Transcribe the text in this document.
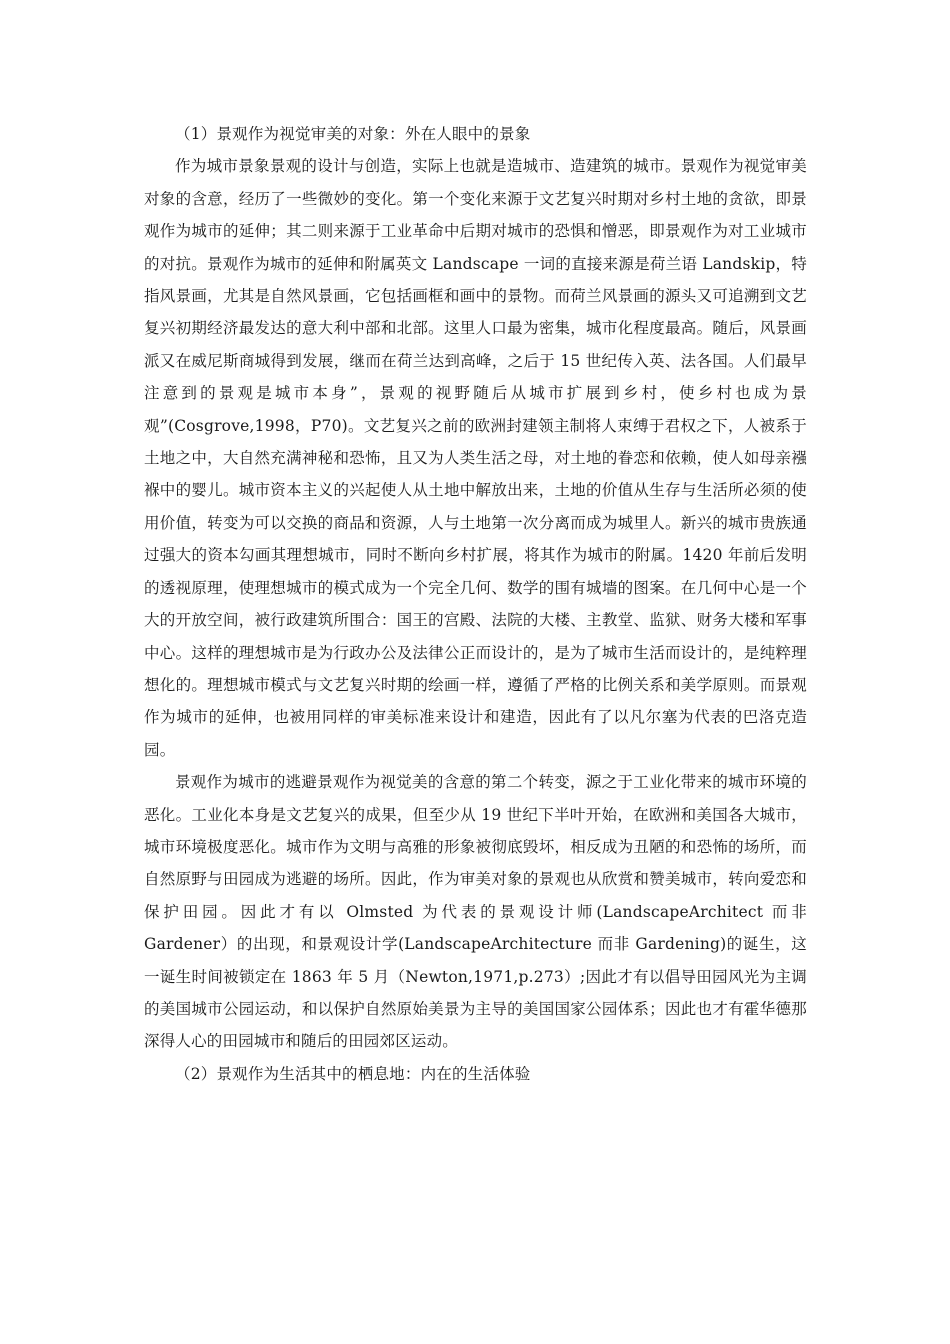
（1）景观作为视觉审美的对象：外在人眼中的景象

作为城市景象景观的设计与创造，实际上也就是造城市、造建筑的城市。景观作为视觉审美对象的含意，经历了一些微妙的变化。第一个变化来源于文艺复兴时期对乡村土地的贪欲，即景观作为城市的延伸；其二则来源于工业革命中后期对城市的恐惧和憎恶，即景观作为对工业城市的对抗。景观作为城市的延伸和附属英文 Landscape 一词的直接来源是荷兰语 Landskip，特指风景画，尤其是自然风景画，它包括画框和画中的景物。而荷兰风景画的源头又可追溯到文艺复兴初期经济最发达的意大利中部和北部。这里人口最为密集，城市化程度最高。随后，风景画派又在威尼斯商城得到发展，继而在荷兰达到高峰，之后于 15 世纪传入英、法各国。人们最早注意到的景观是城市本身”，景观的视野随后从城市扩展到乡村，使乡村也成为景观”(Cosgrove,1998，P70)。文艺复兴之前的欧洲封建领主制将人束缚于君权之下，人被系于土地之中，大自然充满神秘和恐怖，且又为人类生活之母，对土地的眷恋和依赖，使人如母亲襁褓中的婴儿。城市资本主义的兴起使人从土地中解放出来，土地的价值从生存与生活所必须的使用价值，转变为可以交换的商品和资源，人与土地第一次分离而成为城里人。新兴的城市贵族通过强大的资本勾画其理想城市，同时不断向乡村扩展，将其作为城市的附属。1420 年前后发明的透视原理，使理想城市的模式成为一个完全几何、数学的围有城墙的图案。在几何中心是一个大的开放空间，被行政建筑所围合：国王的宫殿、法院的大楼、主教堂、监狱、财务大楼和军事中心。这样的理想城市是为行政办公及法律公正而设计的，是为了城市生活而设计的，是纯粹理想化的。理想城市模式与文艺复兴时期的绘画一样，遵循了严格的比例关系和美学原则。而景观作为城市的延伸，也被用同样的审美标准来设计和建造，因此有了以凡尔塞为代表的巴洛克造园。

景观作为城市的逃避景观作为视觉美的含意的第二个转变，源之于工业化带来的城市环境的恶化。工业化本身是文艺复兴的成果，但至少从 19 世纪下半叶开始，在欧洲和美国各大城市，城市环境极度恶化。城市作为文明与高雅的形象被彻底毁坏，相反成为丑陋的和恐怖的场所，而自然原野与田园成为逃避的场所。因此，作为审美对象的景观也从欣赏和赞美城市，转向爱恋和保护田园。因此才有以 Olmsted 为代表的景观设计师(LandscapeArchitect 而非 Gardener）的出现，和景观设计学(LandscapeArchitecture 而非 Gardening)的诞生，这一诞生时间被锁定在 1863 年 5 月（Newton,1971,p.273）;因此才有以倡导田园风光为主调的美国城市公园运动，和以保护自然原始美景为主导的美国国家公园体系；因此也才有霍华德那深得人心的田园城市和随后的田园郊区运动。

（2）景观作为生活其中的栖息地：内在的生活体验
